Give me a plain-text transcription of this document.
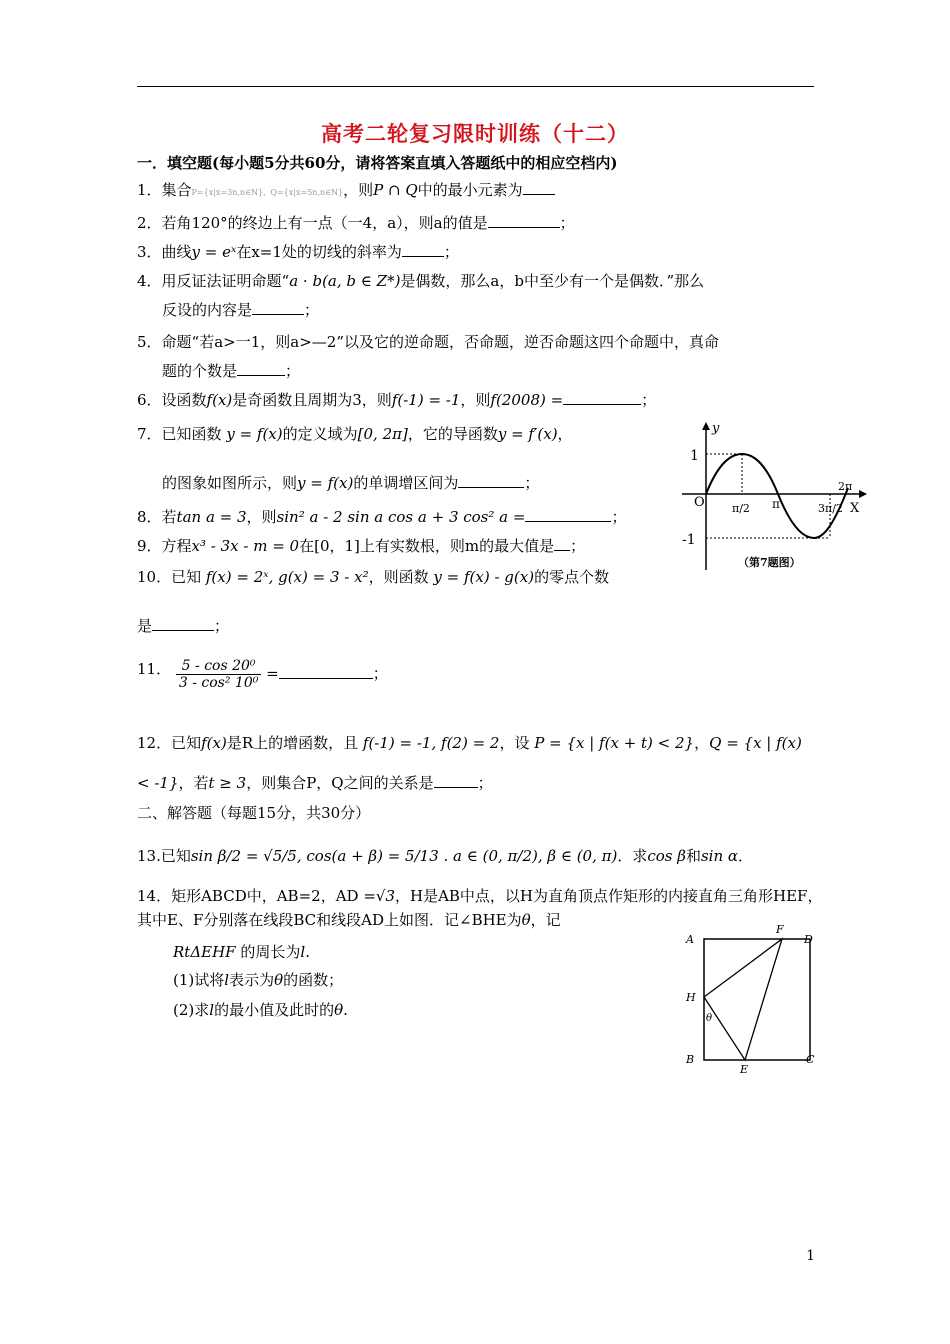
高考二轮复习限时训练（十二）
一．填空题(每小题5分共60分，请将答案直填入答题纸中的相应空档内)
1．集合P={x|x=3n,n∈N}, Q={x|x=5n,n∈N}，则P ∩ Q中的最小元素为
2．若角120°的终边上有一点（一4，a），则a的值是	；
3．曲线y = eˣ在x=1处的切线的斜率为	；
4．用反证法证明命题“a · b(a, b ∈ Z*)是偶数，那么a，b中至少有一个是偶数．”那么
反设的内容是	；
5．命题“若a>一1，则a>—2”以及它的逆命题，否命题，逆否命题这四个命题中，真命
题的个数是	；
6．设函数f(x)是奇函数且周期为3，则f(-1) = -1，则f(2008) =	；
7．已知函数 y = f(x)的定义域为[0, 2π]，它的导函数y = f′(x)，
的图象如图所示，则y = f(x)的单调增区间为	；
y
1
-1
O π/2 π	3π/2
2π
X
（第7题图）
8．若tan a = 3，则sin² a - 2 sin a cos a + 3 cos² a =	；
9．方程x³ - 3x - m = 0在[0，1]上有实数根，则m的最大值是 ；
10．已知 f(x) = 2ˣ, g(x) = 3 - x²，则函数 y = f(x) - g(x)的零点个数
是	；
11． $\frac{\text{5 - cos 20⁰}}{\text{3 - cos² 10⁰}}$ =	；
12．已知f(x)是R上的增函数，且 f(-1) = -1, f(2) = 2，设 P = {x | f(x + t) < 2}，Q = {x | f(x)
< -1}，若t ≥ 3，则集合P，Q之间的关系是	；
二、解答题（每题15分，共30分）
13.已知sin β/2 = √5/5, cos(a + β) = 5/13 . a ∈ (0, π/2), β ∈ (0, π)．求cos β和sin α．
14．矩形ABCD中，AB=2，AD =√3，H是AB中点，以H为直角顶点作矩形的内接直角三角形HEF，
其中E、F分别落在线段BC和线段AD上如图．记∠BHE为θ，记
RtΔEHF 的周长为l.
(1)试将l表示为θ的函数；
(2)求l的最小值及此时的θ.
A
B	C
D
E
F
H
θ
1
